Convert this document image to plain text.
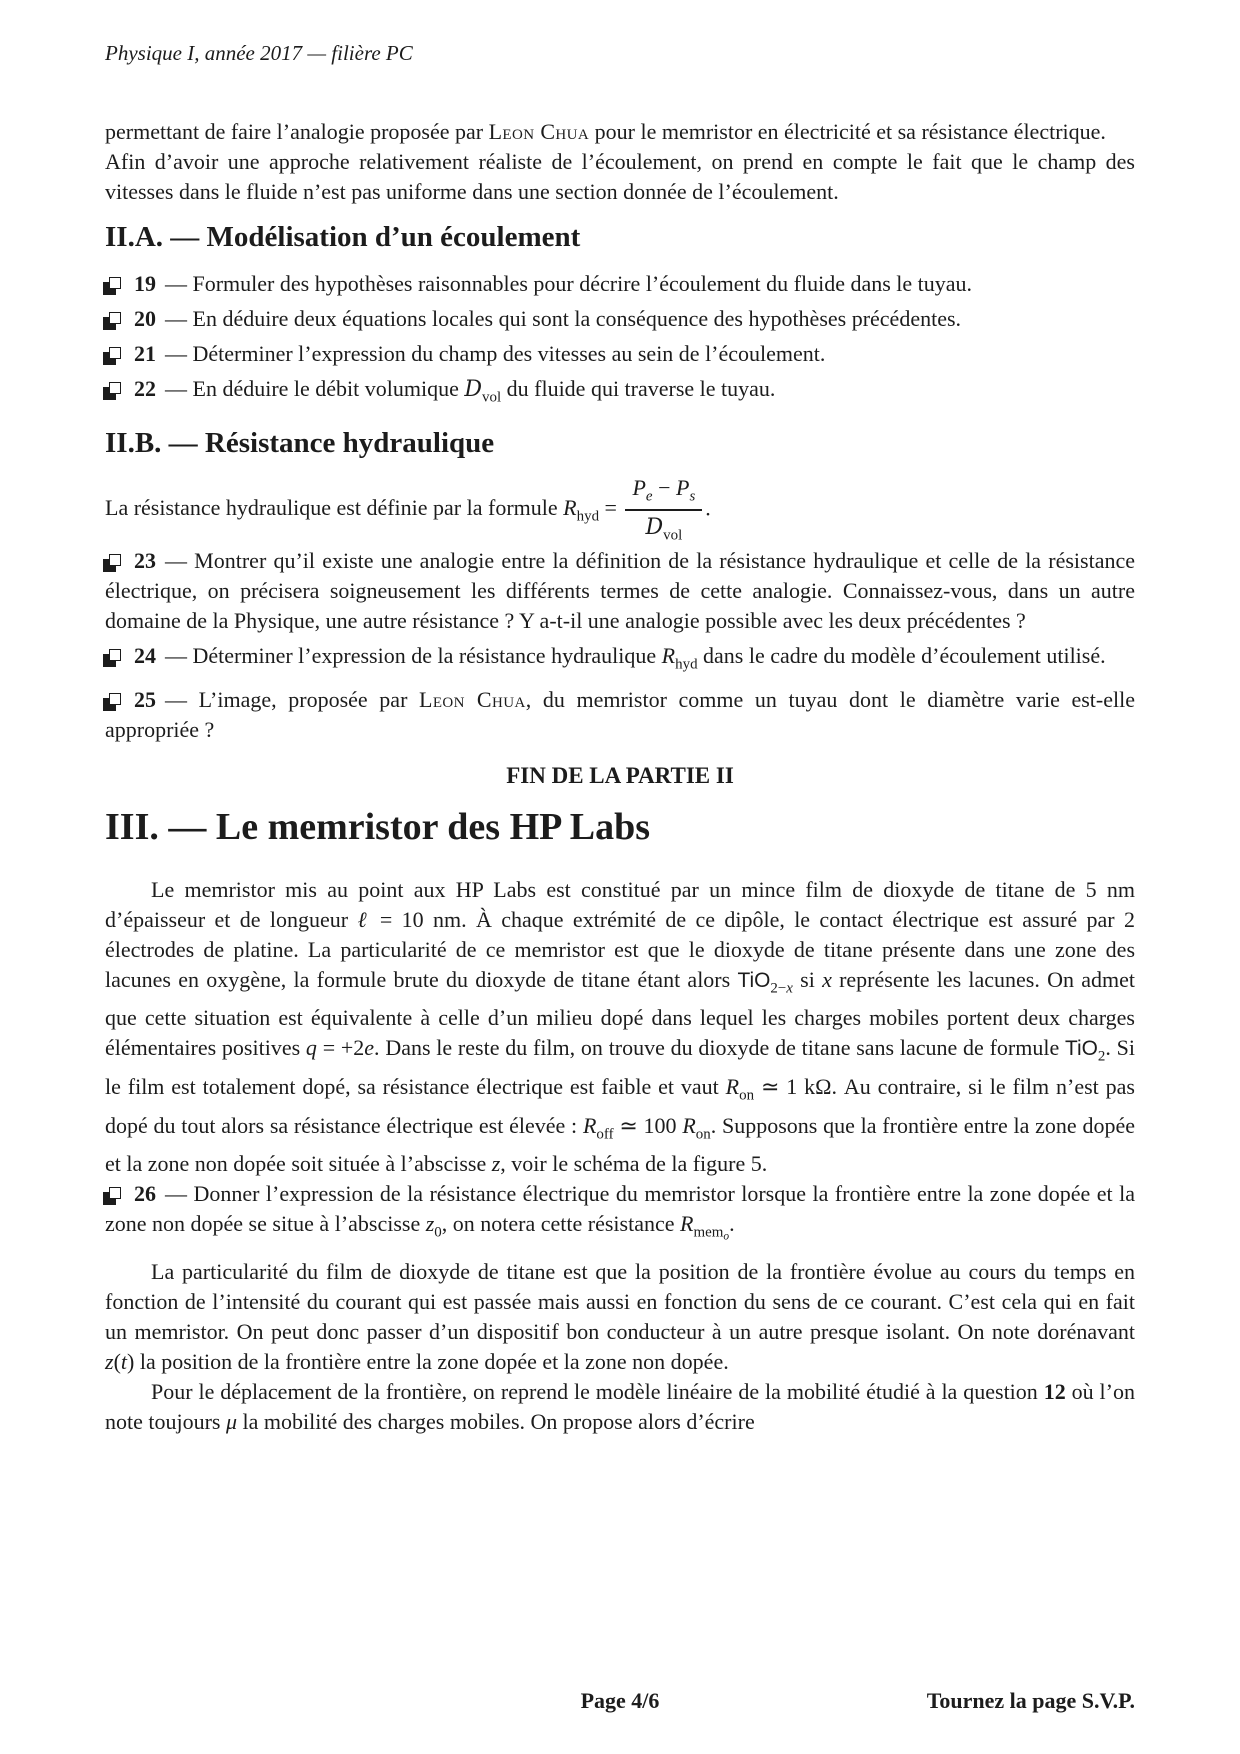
Physique I, année 2017 — filière PC

permettant de faire l’analogie proposée par Leon Chua pour le memristor en électricité et sa résistance électrique.

Afin d’avoir une approche relativement réaliste de l’écoulement, on prend en compte le fait que le champ des vitesses dans le fluide n’est pas uniforme dans une section donnée de l’écoulement.

II.A. — Modélisation d’un écoulement

19 — Formuler des hypothèses raisonnables pour décrire l’écoulement du fluide dans le tuyau.

20 — En déduire deux équations locales qui sont la conséquence des hypothèses précédentes.

21 — Déterminer l’expression du champ des vitesses au sein de l’écoulement.

22 — En déduire le débit volumique $D_{vol}$ du fluide qui traverse le tuyau.

II.B. — Résistance hydraulique

La résistance hydraulique est définie par la formule $R_{hyd} = \frac{P_e - P_s}{D_{vol}}$ .

23 — Montrer qu’il existe une analogie entre la définition de la résistance hydraulique et celle de la résistance électrique, on précisera soigneusement les différents termes de cette analogie. Connaissez-vous, dans un autre domaine de la Physique, une autre résistance ? Y a-t-il une analogie possible avec les deux précédentes ?

24 — Déterminer l’expression de la résistance hydraulique $R_{hyd}$ dans le cadre du modèle d’écoulement utilisé.

25 — L’image, proposée par Leon Chua, du memristor comme un tuyau dont le diamètre varie est-elle appropriée ?

FIN DE LA PARTIE II
III. — Le memristor des HP Labs

Le memristor mis au point aux HP Labs est constitué par un mince film de dioxyde de titane de 5 nm d’épaisseur et de longueur ℓ = 10 nm. À chaque extrémité de ce dipôle, le contact électrique est assuré par 2 électrodes de platine. La particularité de ce memristor est que le dioxyde de titane présente dans une zone des lacunes en oxygène, la formule brute du dioxyde de titane étant alors TiO$_{2-x}$ si x représente les lacunes. On admet que cette situation est équivalente à celle d’un milieu dopé dans lequel les charges mobiles portent deux charges élémentaires positives q = +2e. Dans le reste du film, on trouve du dioxyde de titane sans lacune de formule TiO$_2$. Si le film est totalement dopé, sa résistance électrique est faible et vaut $R_{on}$ ≃ 1 kΩ. Au contraire, si le film n’est pas dopé du tout alors sa résistance électrique est élevée : $R_{off}$ ≃ 100 $R_{on}$. Supposons que la frontière entre la zone dopée et la zone non dopée soit située à l’abscisse z, voir le schéma de la figure 5.

26 — Donner l’expression de la résistance électrique du memristor lorsque la frontière entre la zone dopée et la zone non dopée se situe à l’abscisse $z_0$, on notera cette résistance $R_{memo}$.

La particularité du film de dioxyde de titane est que la position de la frontière évolue au cours du temps en fonction de l’intensité du courant qui est passée mais aussi en fonction du sens de ce courant. C’est cela qui en fait un memristor. On peut donc passer d’un dispositif bon conducteur à un autre presque isolant. On note dorénavant z(t) la position de la frontière entre la zone dopée et la zone non dopée.

Pour le déplacement de la frontière, on reprend le modèle linéaire de la mobilité étudié à la question 12 où l’on note toujours μ la mobilité des charges mobiles. On propose alors d’écrire

Page 4/6	Tournez la page S.V.P.
